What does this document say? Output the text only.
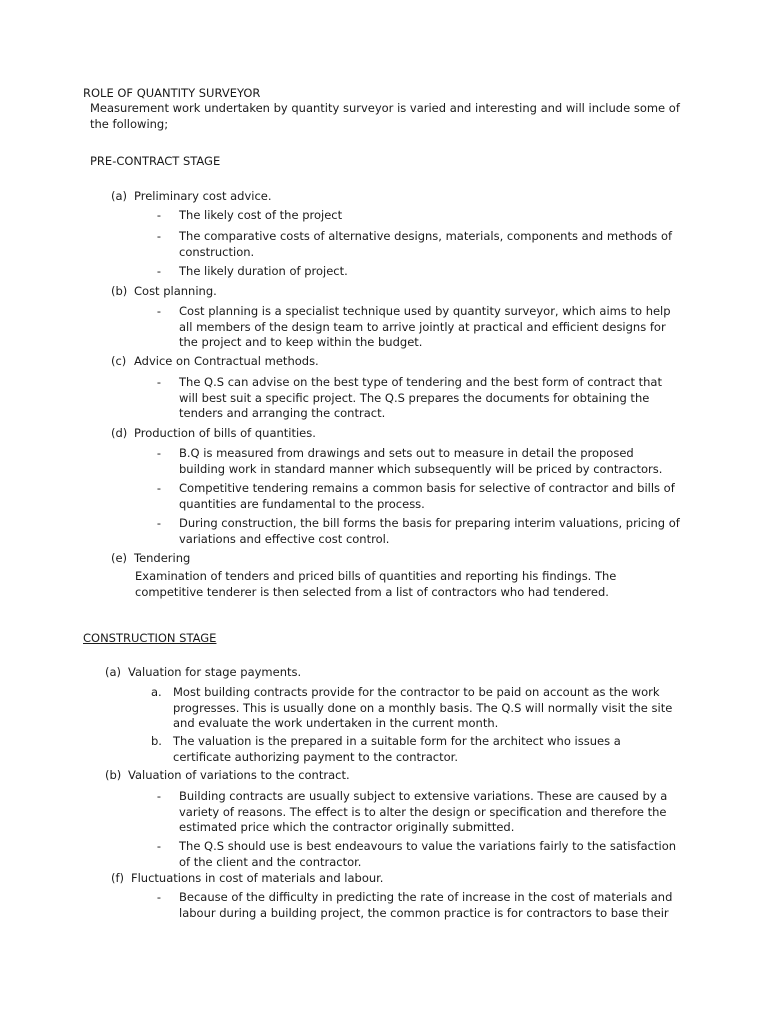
ROLE OF QUANTITY SURVEYOR
Measurement work undertaken by quantity surveyor is varied and interesting and will include some of
the following;
PRE-CONTRACT STAGE
(a) Preliminary cost advice.
- The likely cost of the project
- The comparative costs of alternative designs, materials, components and methods of
construction.
- The likely duration of project.
(b) Cost planning.
- Cost planning is a specialist technique used by quantity surveyor, which aims to help
all members of the design team to arrive jointly at practical and efficient designs for
the project and to keep within the budget.
(c) Advice on Contractual methods.
- The Q.S can advise on the best type of tendering and the best form of contract that
will best suit a specific project. The Q.S prepares the documents for obtaining the
tenders and arranging the contract.
(d) Production of bills of quantities.
- B.Q is measured from drawings and sets out to measure in detail the proposed
building work in standard manner which subsequently will be priced by contractors.
- Competitive tendering remains a common basis for selective of contractor and bills of
quantities are fundamental to the process.
- During construction, the bill forms the basis for preparing interim valuations, pricing of
variations and effective cost control.
(e) Tendering
Examination of tenders and priced bills of quantities and reporting his findings. The
competitive tenderer is then selected from a list of contractors who had tendered.
CONSTRUCTION STAGE
(a) Valuation for stage payments.
a. Most building contracts provide for the contractor to be paid on account as the work
progresses. This is usually done on a monthly basis. The Q.S will normally visit the site
and evaluate the work undertaken in the current month.
b. The valuation is the prepared in a suitable form for the architect who issues a
certificate authorizing payment to the contractor.
(b) Valuation of variations to the contract.
- Building contracts are usually subject to extensive variations. These are caused by a
variety of reasons. The effect is to alter the design or specification and therefore the
estimated price which the contractor originally submitted.
- The Q.S should use is best endeavours to value the variations fairly to the satisfaction
of the client and the contractor.
(f) Fluctuations in cost of materials and labour.
- Because of the difficulty in predicting the rate of increase in the cost of materials and
labour during a building project, the common practice is for contractors to base their
